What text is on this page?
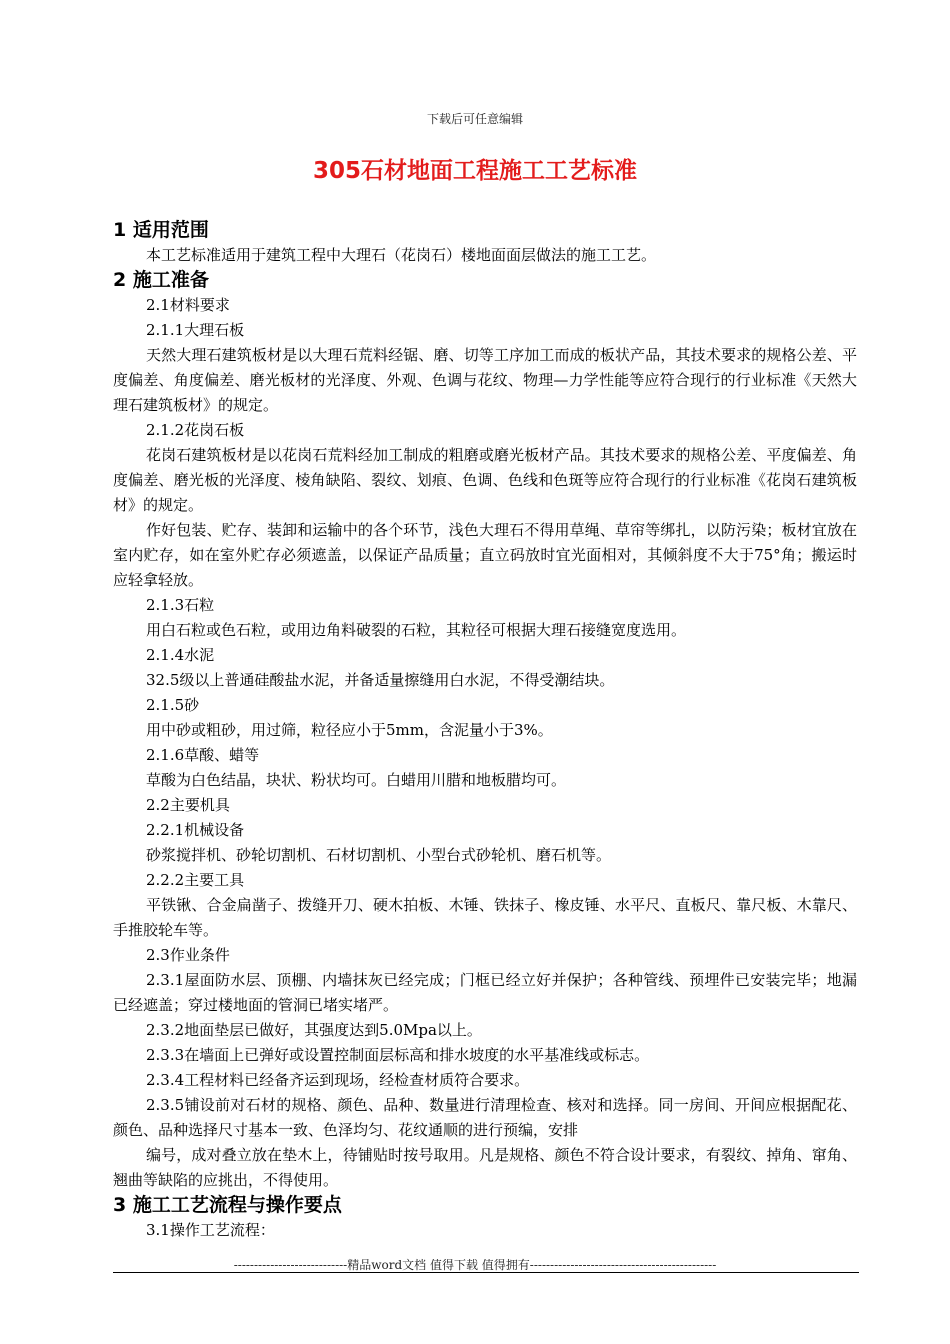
下载后可任意编辑
305石材地面工程施工工艺标准
1 适用范围
本工艺标准适用于建筑工程中大理石（花岗石）楼地面面层做法的施工工艺。
2 施工准备
2.1材料要求
2.1.1大理石板
天然大理石建筑板材是以大理石荒料经锯、磨、切等工序加工而成的板状产品，其技术要求的规格公差、平度偏差、角度偏差、磨光板材的光泽度、外观、色调与花纹、物理—力学性能等应符合现行的行业标准《天然大理石建筑板材》的规定。
2.1.2花岗石板
花岗石建筑板材是以花岗石荒料经加工制成的粗磨或磨光板材产品。其技术要求的规格公差、平度偏差、角度偏差、磨光板的光泽度、棱角缺陷、裂纹、划痕、色调、色线和色斑等应符合现行的行业标准《花岗石建筑板材》的规定。
作好包装、贮存、装卸和运输中的各个环节，浅色大理石不得用草绳、草帘等绑扎，以防污染；板材宜放在室内贮存，如在室外贮存必须遮盖，以保证产品质量；直立码放时宜光面相对，其倾斜度不大于75°角；搬运时应轻拿轻放。
2.1.3石粒
用白石粒或色石粒，或用边角料破裂的石粒，其粒径可根据大理石接缝宽度选用。
2.1.4水泥
32.5级以上普通硅酸盐水泥，并备适量擦缝用白水泥，不得受潮结块。
2.1.5砂
用中砂或粗砂，用过筛，粒径应小于5mm，含泥量小于3%。
2.1.6草酸、蜡等
草酸为白色结晶，块状、粉状均可。白蜡用川腊和地板腊均可。
2.2主要机具
2.2.1机械设备
砂浆搅拌机、砂轮切割机、石材切割机、小型台式砂轮机、磨石机等。
2.2.2主要工具
平铁锹、合金扁凿子、拨缝开刀、硬木拍板、木锤、铁抹子、橡皮锤、水平尺、直板尺、靠尺板、木靠尺、手推胶轮车等。
2.3作业条件
2.3.1屋面防水层、顶棚、内墙抹灰已经完成；门框已经立好并保护；各种管线、预埋件已安装完毕；地漏已经遮盖；穿过楼地面的管洞已堵实堵严。
2.3.2地面垫层已做好，其强度达到5.0Mpa以上。
2.3.3在墙面上已弹好或设置控制面层标高和排水坡度的水平基准线或标志。
2.3.4工程材料已经备齐运到现场，经检查材质符合要求。
2.3.5铺设前对石材的规格、颜色、品种、数量进行清理检查、核对和选择。同一房间、开间应根据配花、颜色、品种选择尺寸基本一致、色泽均匀、花纹通顺的进行预编，安排
编号，成对叠立放在垫木上，待铺贴时按号取用。凡是规格、颜色不符合设计要求，有裂纹、掉角、窜角、翘曲等缺陷的应挑出，不得使用。
3 施工工艺流程与操作要点
3.1操作工艺流程：
----------------------------精品word文档 值得下载 值得拥有----------------------------------------------
